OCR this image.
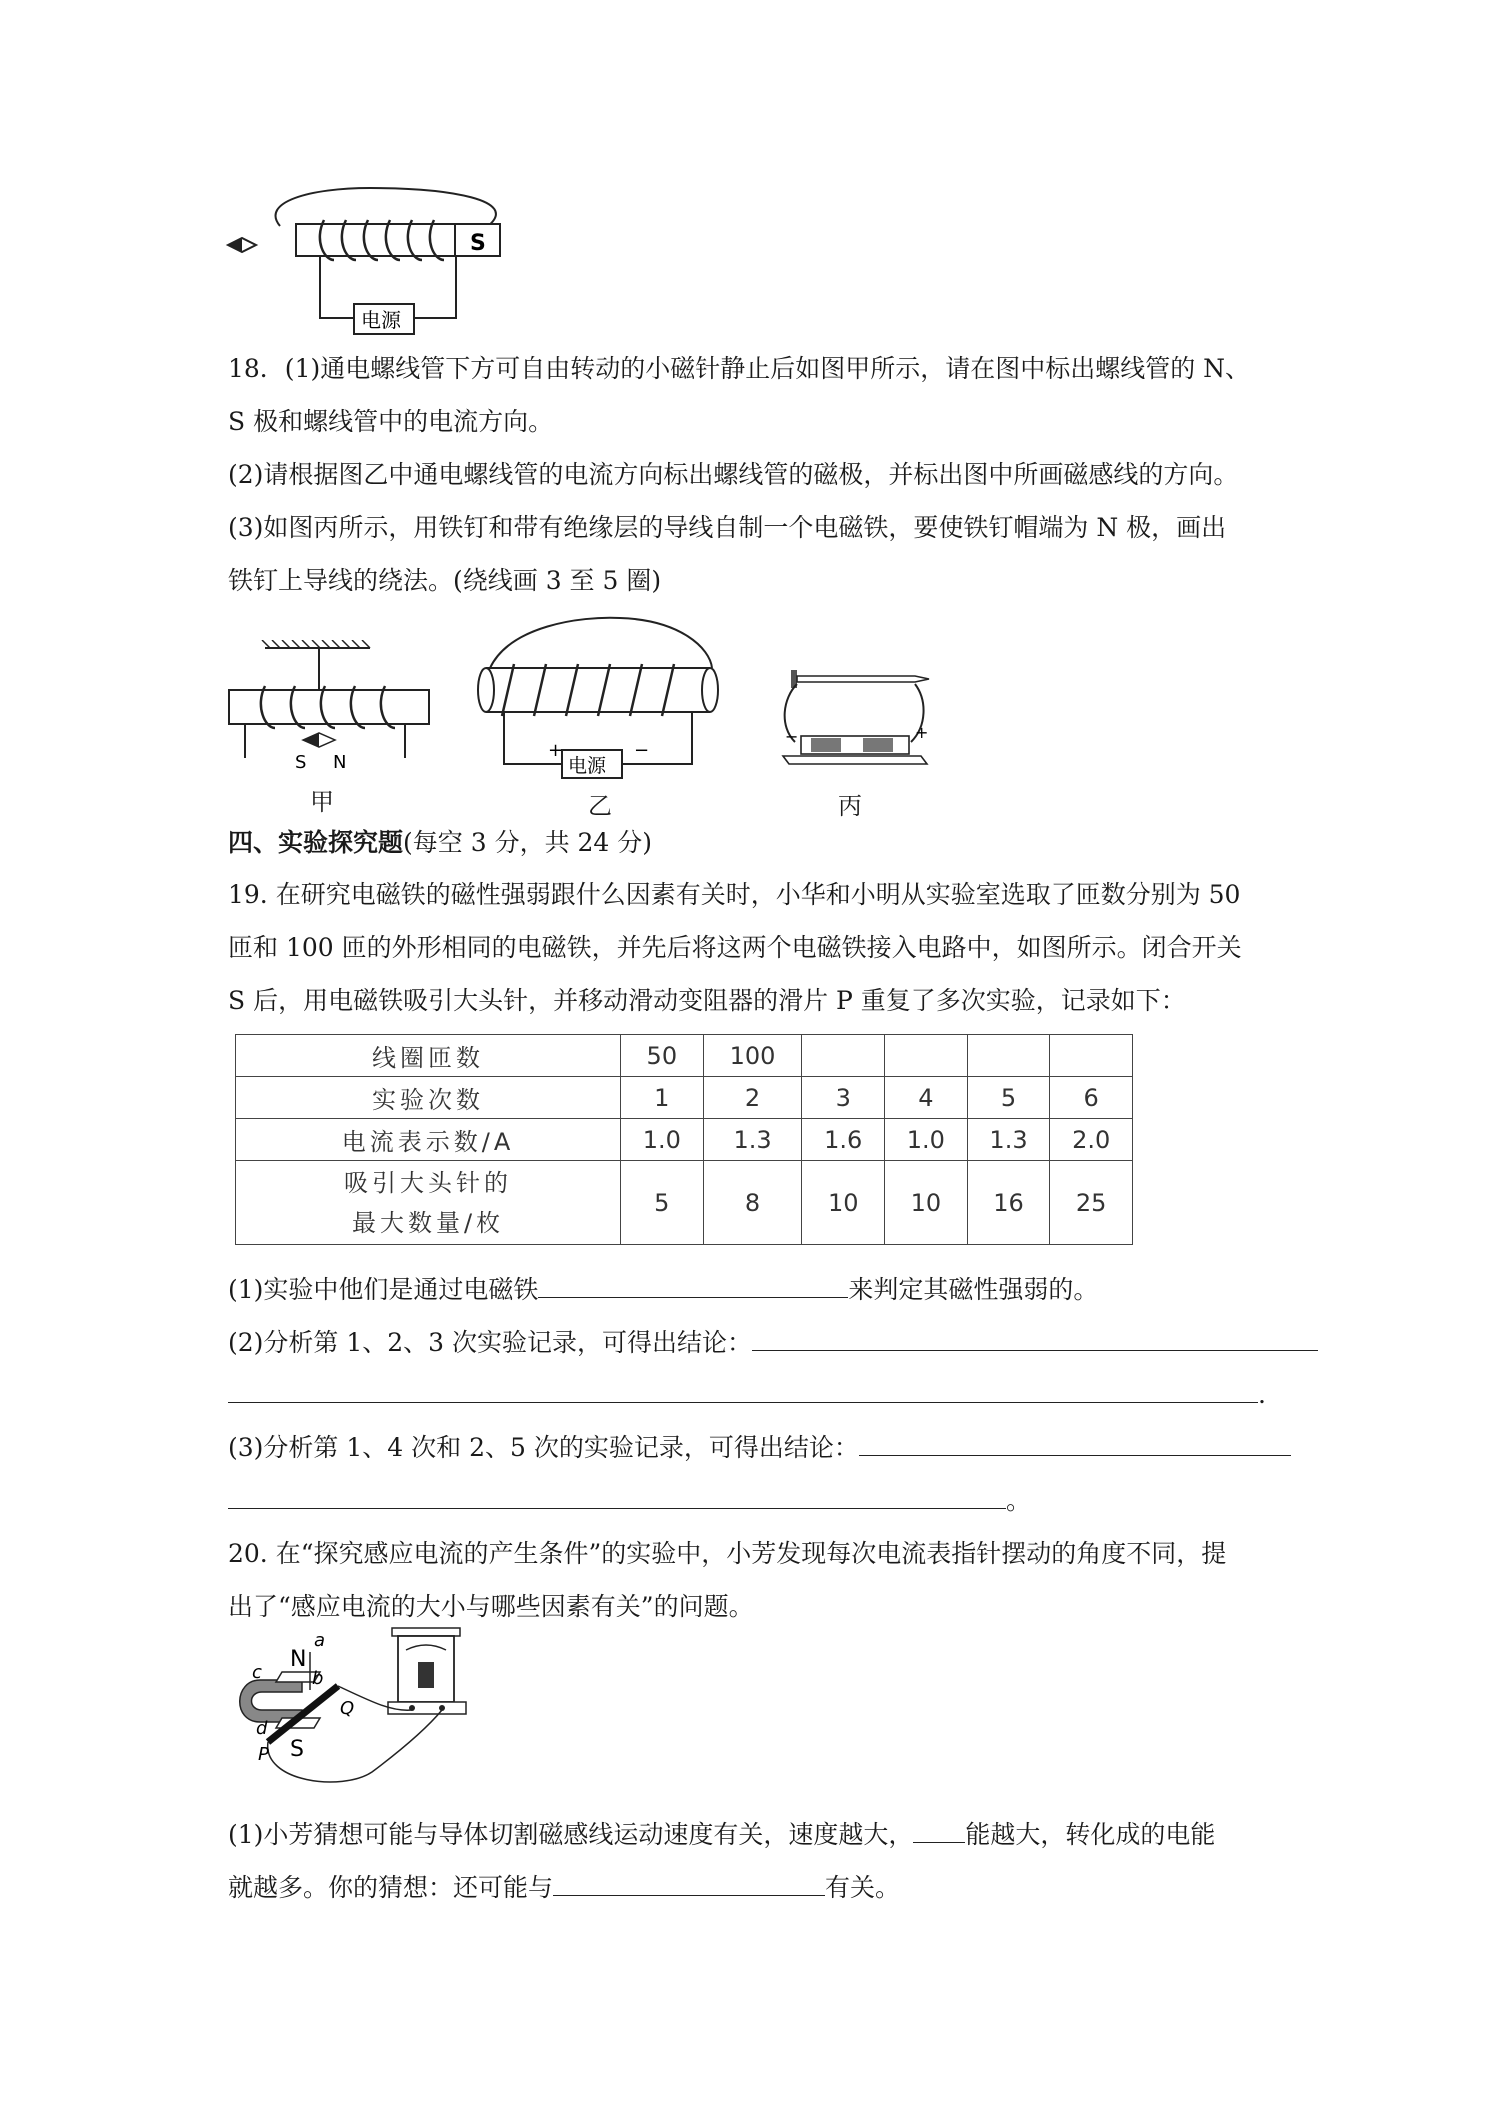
S
电源
18．(1)通电螺线管下方可自由转动的小磁针静止后如图甲所示，请在图中标出螺线管的 N、
S 极和螺线管中的电流方向。
(2)请根据图乙中通电螺线管的电流方向标出螺线管的磁极，并标出图中所画磁感线的方向。
(3)如图丙所示，用铁钉和带有绝缘层的导线自制一个电磁铁，要使铁钉帽端为 N 极，画出
铁钉上导线的绕法。(绕线画 3 至 5 圈)
S N
甲
电源
+	−
乙
−	+
丙
四、实验探究题(每空 3 分，共 24 分)
19. 在研究电磁铁的磁性强弱跟什么因素有关时，小华和小明从实验室选取了匝数分别为 50
匝和 100 匝的外形相同的电磁铁，并先后将这两个电磁铁接入电路中，如图所示。闭合开关
S 后，用电磁铁吸引大头针，并移动滑动变阻器的滑片 P 重复了多次实验，记录如下：
线圈匝数	50	100				
实验次数	1	2	3	4	5	6
电流表示数/A	1.0	1.3	1.6	1.0	1.3	2.0
吸引大头针的
最大数量/枚	5	8	10	10	16	25
(1)实验中他们是通过电磁铁	来判定其磁性强弱的。
(2)分析第 1、2、3 次实验记录，可得出结论：
.
(3)分析第 1、4 次和 2、5 次的实验记录，可得出结论：
。
20. 在“探究感应电流的产生条件”的实验中，小芳发现每次电流表指针摆动的角度不同，提
出了“感应电流的大小与哪些因素有关”的问题。
a
b
c
d
N
S
P
Q
(1)小芳猜想可能与导体切割磁感线运动速度有关，速度越大， 能越大，转化成的电能
就越多。你的猜想：还可能与	有关。
